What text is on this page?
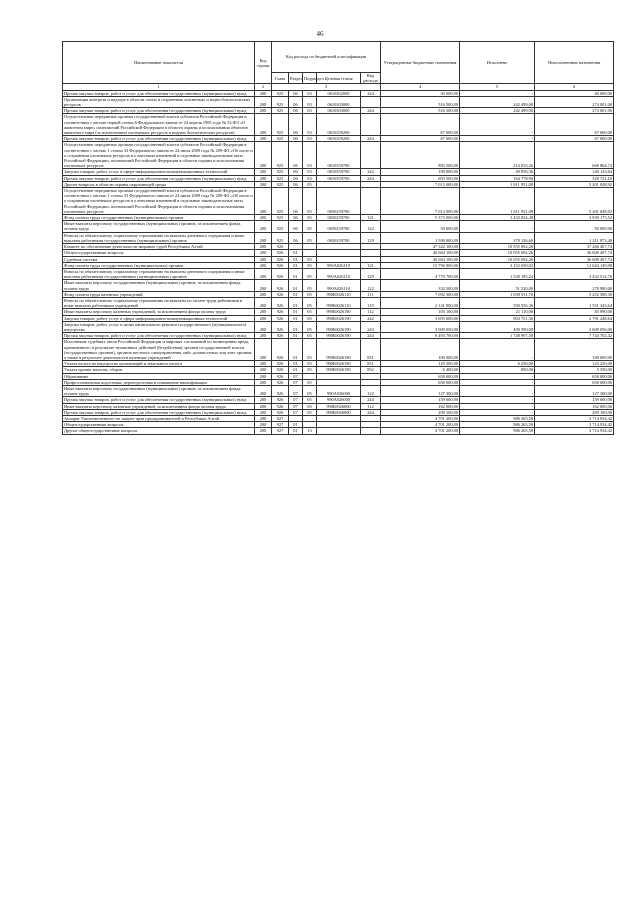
46
Наименование показателя	Код строки	Код расхода по бюджетной классификации					Утвержденные бюджетные назначения	Исполнено	Неисполненные назначения
		Глава	Раздел	Подраздел	Целевая статья	Вид расхода			
1	2	3					4	5	6
Прочая закупка товаров, работ и услуг для обеспечения государственных (муниципальных) нужд	200	925	06	03	0610302000	244	40 000,00	-	40 000,00
Организация контроля и надзора в области охоты и сохранения охотничьих и водно-биологических ресурсов	200	925	06	03	0610303000		516 500,00	242 499,00	274 001,00
Прочая закупка товаров, работ и услуг для обеспечения государственных (муниципальных) нужд	200	925	06	03	0610303000	244	516 500,00	242 499,00	274 001,00
Осуществление переданных органам государственной власти субъектов Российской Федерации в соответствии с частью первой статьи 6 Федерального закона от 24 апреля 1995 года № 52-ФЗ «О животном мире» полномочий Российской Федерации в области охраны и использования объектов животного мира (за исключением охотничьих ресурсов и водных биологических ресурсов)	200	925	06	03	0610359200		67 600,00	-	67 600,00
Прочая закупка товаров, работ и услуг для обеспечения государственных (муниципальных) нужд	200	925	06	03	0610359200	244	67 600,00	-	67 600,00
Осуществление переданных органам государственной власти субъектов Российской Федерации в соответствии с частью 1 статьи 33 Федерального закона от 24 июля 2009 года № 209-ФЗ «Об охоте и о сохранении охотничьих ресурсов и о внесении изменений в отдельные законодательные акты Российской Федерации» полномочий Российской Федерации в области охраны и использования охотничьих ресурсов	200	925	06	03	0610359700		883 500,00	214 635,26	668 864,74
Закупка товаров, работ, услуг в сфере информационно-коммуникационных технологий	200	925	06	03	0610359700	242	190 000,00	49 856,36	140 143,64
Прочая закупка товаров, работ и услуг для обеспечения государственных (муниципальных) нужд	200	925	06	03	0610359700	244	693 500,00	164 778,90	528 721,10
Другие вопросы в области охраны окружающей среды	200	925	06	05			7 013 000,00	1 811 951,08	5 201 048,92
Осуществление переданных органам государственной власти субъектов Российской Федерации в соответствии с частью 1 статьи 33 Федерального закона от 24 июля 2009 года № 209-ФЗ «Об охоте и о сохранении охотничьих ресурсов и о внесении изменений в отдельные законодательные акты Российской Федерации» полномочий Российской Федерации в области охраны и использования охотничьих ресурсов	200	925	06	05	0650259700		7 013 000,00	1 811 951,08	5 201 048,92
Фонд оплаты труда государственных (муниципальных) органов	200	925	06	05	0650259700	121	5 373 000,00	1 433 824,48	3 939 175,52
Иные выплаты персоналу государственных (муниципальных) органов, за исключением фонда оплаты труда	200	925	06	05	0650259700	122	50 000,00	-	50 000,00
Взносы по обязательному социальному страхованию на выплаты денежного содержания и иные выплаты работникам государственных (муниципальных) органов	200	925	06	05	0650259700	129	1 590 000,00	378 126,60	1 211 873,40
Комитет по обеспечению деятельности мировых судей Республики Алтай	200	926					47 322 100,00	10 955 692,26	37 266 407,74
Общегосударственные вопросы	200	926	01				46 664 100,00	10 055 692,26	36 608 407,74
Судебная система	200	926	01	05			46 664 100,00	10 055 692,26	36 608 407,74
Фонд оплаты труда государственных (муниципальных) органов	200	926	01	05	990А026110	121	15 796 800,00	3 152 650,02	12 644 149,98
Взносы по обязательному социальному страхованию на выплаты денежного содержания и иные выплаты работникам государственных (муниципальных) органов	200	926	01	05	990А026110	129	4 770 700,00	1 338 185,24	3 432 514,76
Иные выплаты персоналу государственных (муниципальных) органов, за исключением фонда оплаты труда	200	926	01	05	990А026110	122	332 500,00	51 520,00	278 980,00
Фонд оплаты труда казенных учреждений	200	926	01	05	990Ю026110	111	7 092 500,00	1 839 911,70	5 252 588,30
Взносы по обязательному социальному страхованию на выплаты по оплате труда работников и иные выплаты работникам учреждений	200	926	01	05	990Ю026110	119	2 141 900,00	590 556,36	1 551 343,64
Иные выплаты персоналу казенных учреждений, за исключением фонда оплаты труда	200	926	01	05	990Ю026190	112	105 100,00	21 110,00	83 990,00
Закупка товаров, работ, услуг в сфере информационно-коммуникационных технологий	200	926	01	05	990Ю026190	242	3 695 000,00	903 751,36	2 791 248,64
Закупка товаров, работ, услуг в целях капитального ремонта государственного (муниципального) имущества	200	926	01	05	990Ю026190	243	3 009 050,00	400 590,00	2 608 056,00
Прочая закупка товаров, работ и услуг для обеспечения государственных (муниципальных) нужд	200	926	01	05	990Ю026190	244	9 493 700,00	1 748 997,58	7 744 702,42
Исполнение судебных актов Российской Федерации и мировых соглашений по возмещению вреда, причиненного в результате незаконных действий (бездействия) органов государственной власти (государственных органов), органов местного самоуправления либо должностных лиц этих органов, а также в результате деятельности казенных учреждений	200	926	01	05	990Ю026190	831	100 000,00	-	100 000,00
Уплата налога на имущество организаций и земельного налога	200	926	01	05	990Ю026190	851	129 500,00	6 250,00	123 250,00
Уплата прочих налогов, сборов	200	926	01	05	990Ю026190	852	6 400,00	850,00	5 550,00
Образование	200	926	07				658 000,00	-	658 000,00
Профессиональная подготовка, переподготовка и повышение квалификации	200	926	07	05			658 000,00	-	658 000,00
Иные выплаты персоналу государственных (муниципальных) органов, за исключением фонда оплаты труда	200	926	07	05	990А026000	122	127 300,00	-	127 300,00
Прочая закупка товаров, работ и услуг для обеспечения государственных (муниципальных) нужд	200	926	07	05	990А026000	244	159 600,00	-	159 600,00
Иные выплаты персоналу казенных учреждений, за исключением фонда оплаты труда	200	926	07	05	990Ю026000	112	162 000,00	-	162 000,00
Прочая закупка товаров, работ и услуг для обеспечения государственных (муниципальных) нужд	200	926	07	05	990Ю026000	244	209 100,00	-	209 100,00
Аппарат Уполномоченного по защите прав предпринимателей в Республике Алтай	200	927					4 701 200,00	986 265,58	3 714 934,42
Общегосударственные вопросы	200	927	01				4 701 200,00	986 265,58	3 714 934,42
Другие общегосударственные вопросы	200	927	01	13			4 701 200,00	986 265,58	3 714 934,42
